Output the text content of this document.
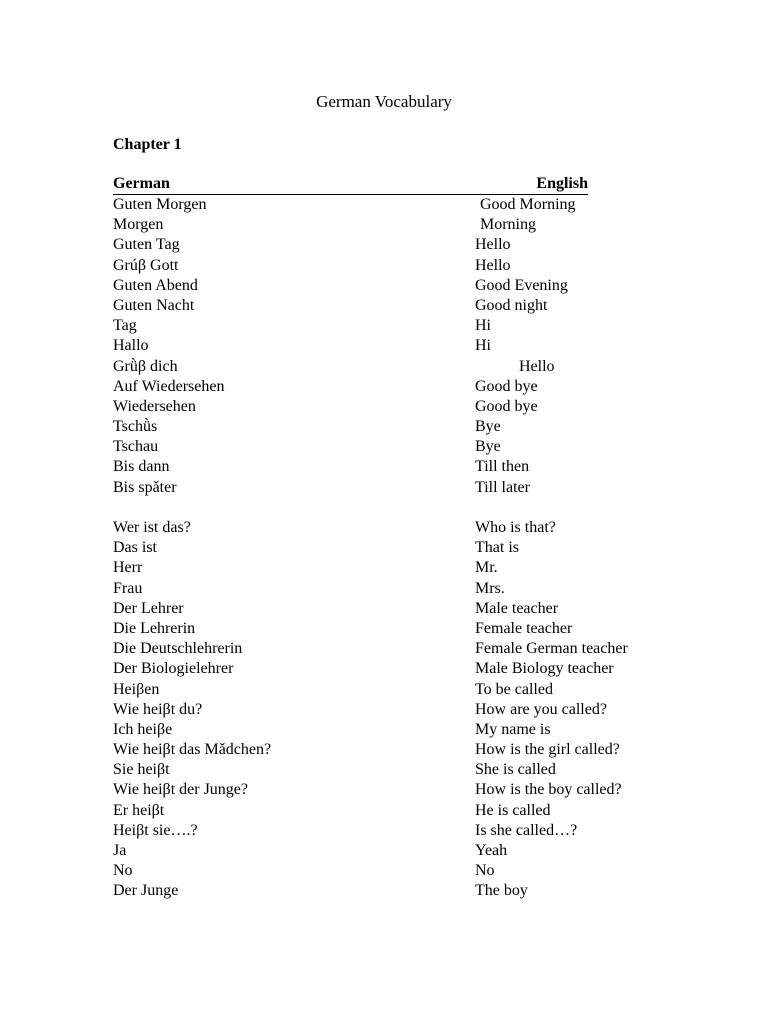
German Vocabulary
Chapter 1
German	English
Guten Morgen	Good Morning
Morgen	Morning
Guten Tag	Hello
Grúβ Gott	Hello
Guten Abend	Good Evening
Guten Nacht	Good night
Tag	Hi
Hallo	Hi
Grǜβ dich	Hello
Auf Wiedersehen	Good bye
Wiedersehen	Good bye
Tschǜs	Bye
Tschau	Bye
Bis dann	Till then
Bis spǎter	Till later
Wer ist das?	Who is that?
Das ist	That is
Herr	Mr.
Frau	Mrs.
Der Lehrer	Male teacher
Die Lehrerin	Female teacher
Die Deutschlehrerin	Female German teacher
Der Biologielehrer	Male Biology teacher
Heiβen	To be called
Wie heiβt du?	How are you called?
Ich heiβe	My name is
Wie heiβt das Mǎdchen?	How is the girl called?
Sie heiβt	She is called
Wie heiβt der Junge?	How is the boy called?
Er heiβt	He is called
Heiβt sie….?	Is she called…?
Ja	Yeah
No	No
Der Junge	The boy
